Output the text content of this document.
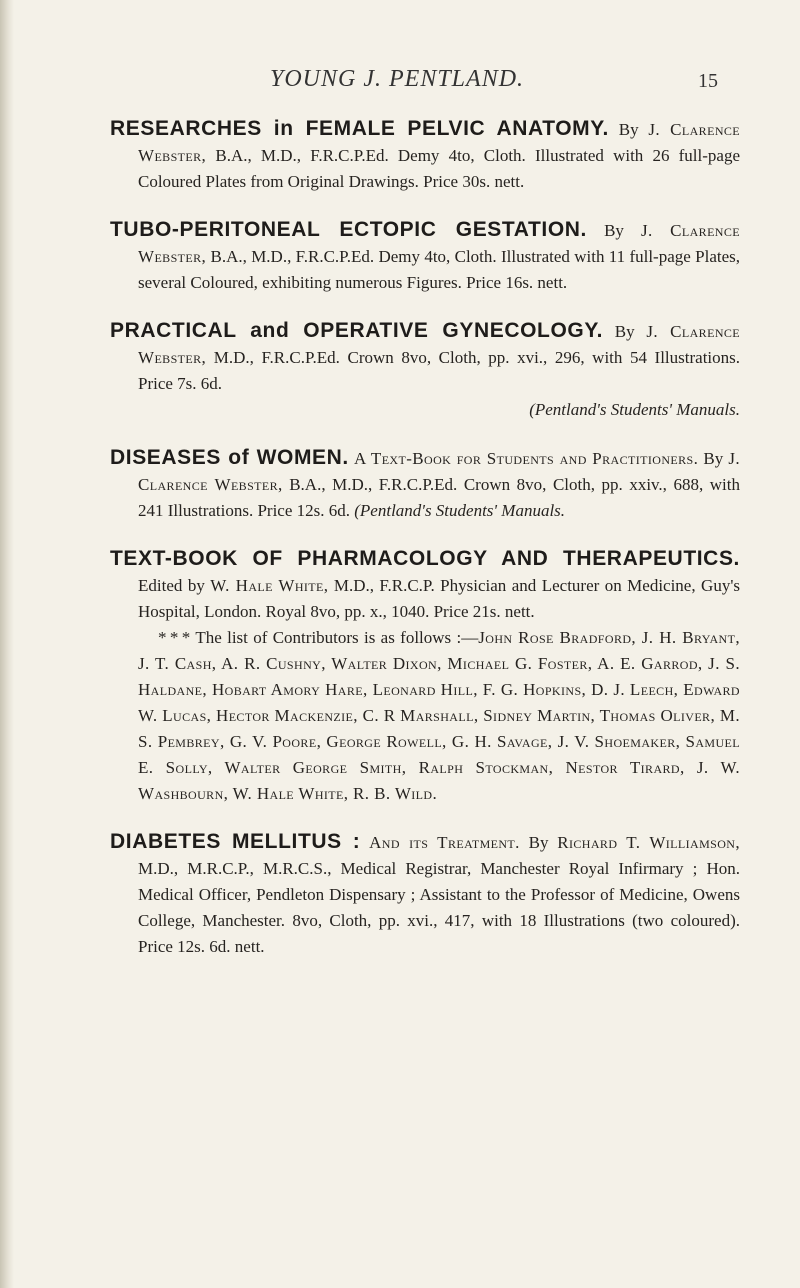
YOUNG J. PENTLAND.	15

RESEARCHES in FEMALE PELVIC ANATOMY. By J. Clarence Webster, B.A., M.D., F.R.C.P.Ed. Demy 4to, Cloth. Illustrated with 26 full-page Coloured Plates from Original Drawings. Price 30s. nett.

TUBO-PERITONEAL ECTOPIC GESTATION. By J. Clarence Webster, B.A., M.D., F.R.C.P.Ed. Demy 4to, Cloth. Illustrated with 11 full-page Plates, several Coloured, exhibiting numerous Figures. Price 16s. nett.

PRACTICAL and OPERATIVE GYNECOLOGY. By J. Clarence Webster, M.D., F.R.C.P.Ed. Crown 8vo, Cloth, pp. xvi., 296, with 54 Illustrations. Price 7s. 6d.
(Pentland's Students' Manuals.

DISEASES of WOMEN. A Text-Book for Students and Practitioners. By J. Clarence Webster, B.A., M.D., F.R.C.P.Ed. Crown 8vo, Cloth, pp. xxiv., 688, with 241 Illustrations. Price 12s. 6d. (Pentland's Students' Manuals.

TEXT-BOOK OF PHARMACOLOGY AND THERAPEUTICS. Edited by W. Hale White, M.D., F.R.C.P. Physician and Lecturer on Medicine, Guy's Hospital, London. Royal 8vo, pp. x., 1040. Price 21s. nett.
* * * The list of Contributors is as follows :—John Rose Bradford, J. H. Bryant, J. T. Cash, A. R. Cushny, Walter Dixon, Michael G. Foster, A. E. Garrod, J. S. Haldane, Hobart Amory Hare, Leonard Hill, F. G. Hopkins, D. J. Leech, Edward W. Lucas, Hector Mackenzie, C. R Marshall, Sidney Martin, Thomas Oliver, M. S. Pembrey, G. V. Poore, George Rowell, G. H. Savage, J. V. Shoemaker, Samuel E. Solly, Walter George Smith, Ralph Stockman, Nestor Tirard, J. W. Washbourn, W. Hale White, R. B. Wild.

DIABETES MELLITUS : And its Treatment. By Richard T. Williamson, M.D., M.R.C.P., M.R.C.S., Medical Registrar, Manchester Royal Infirmary ; Hon. Medical Officer, Pendleton Dispensary ; Assistant to the Professor of Medicine, Owens College, Manchester. 8vo, Cloth, pp. xvi., 417, with 18 Illustrations (two coloured). Price 12s. 6d. nett.
